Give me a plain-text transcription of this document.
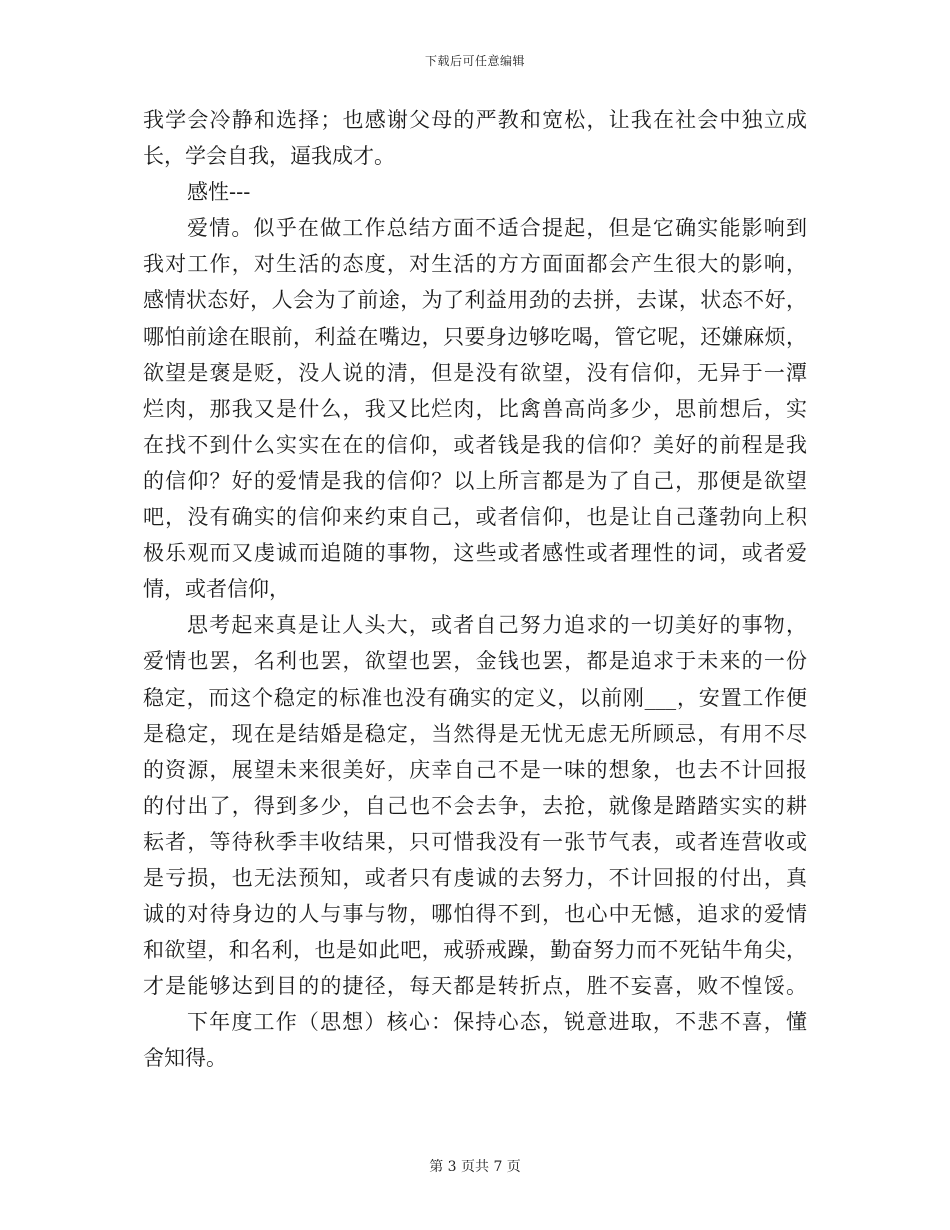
下载后可任意编辑
我学会冷静和选择；也感谢父母的严教和宽松，让我在社会中独立成
长，学会自我，逼我成才。
感性---
爱情。似乎在做工作总结方面不适合提起，但是它确实能影响到
我对工作，对生活的态度，对生活的方方面面都会产生很大的影响，
感情状态好，人会为了前途，为了利益用劲的去拼，去谋，状态不好，
哪怕前途在眼前，利益在嘴边，只要身边够吃喝，管它呢，还嫌麻烦，
欲望是褒是贬，没人说的清，但是没有欲望，没有信仰，无异于一潭
烂肉，那我又是什么，我又比烂肉，比禽兽高尚多少，思前想后，实
在找不到什么实实在在的信仰，或者钱是我的信仰？美好的前程是我
的信仰？好的爱情是我的信仰？以上所言都是为了自己，那便是欲望
吧，没有确实的信仰来约束自己，或者信仰，也是让自己蓬勃向上积
极乐观而又虔诚而追随的事物，这些或者感性或者理性的词，或者爱
情，或者信仰，
思考起来真是让人头大，或者自己努力追求的一切美好的事物，
爱情也罢，名利也罢，欲望也罢，金钱也罢，都是追求于未来的一份
稳定，而这个稳定的标准也没有确实的定义，以前刚___，安置工作便
是稳定，现在是结婚是稳定，当然得是无忧无虑无所顾忌，有用不尽
的资源，展望未来很美好，庆幸自己不是一味的想象，也去不计回报
的付出了，得到多少，自己也不会去争，去抢，就像是踏踏实实的耕
耘者，等待秋季丰收结果，只可惜我没有一张节气表，或者连营收或
是亏损，也无法预知，或者只有虔诚的去努力，不计回报的付出，真
诚的对待身边的人与事与物，哪怕得不到，也心中无憾，追求的爱情
和欲望，和名利，也是如此吧，戒骄戒躁，勤奋努力而不死钻牛角尖，
才是能够达到目的的捷径，每天都是转折点，胜不妄喜，败不惶馁。
下年度工作（思想）核心：保持心态，锐意进取，不悲不喜，懂
舍知得。
第 3 页共 7 页
